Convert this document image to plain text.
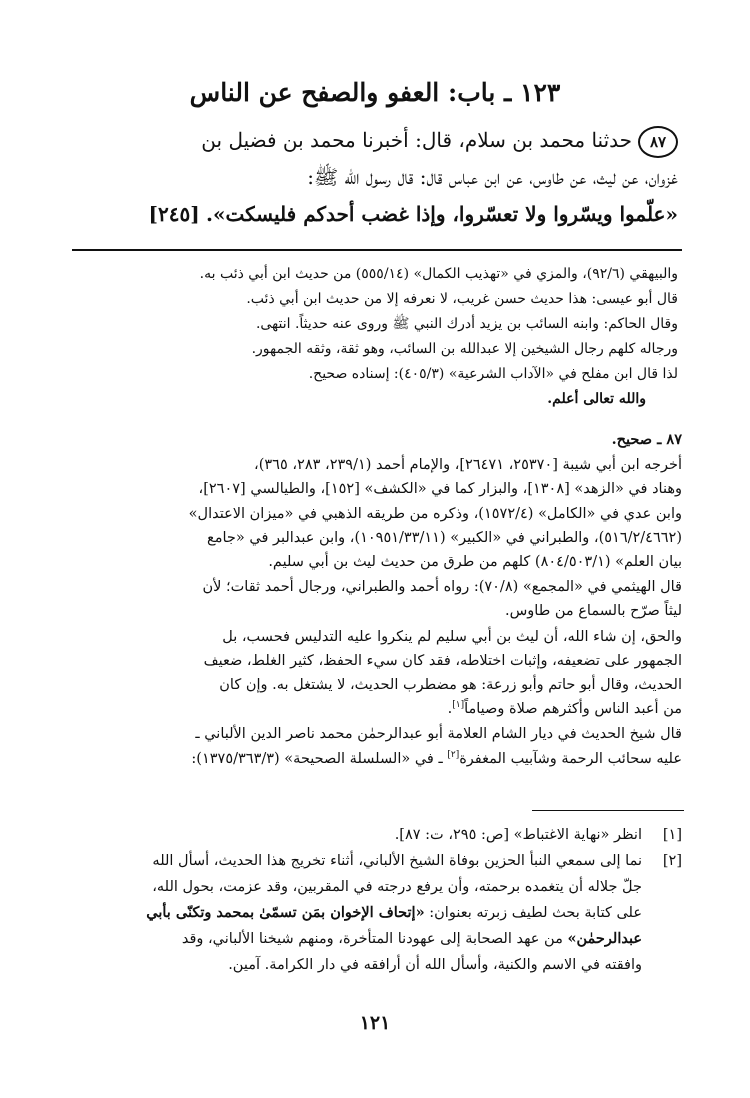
١٢٣ ـ باب: العفو والصفح عن الناس
٨٧حدثنا محمد بن سلام، قال: أخبرنا محمد بن فضيل بن
غزوان، عن ليث، عن طاوس، عن ابن عباس قال: قال رسول الله ﷺ:
«علّموا ويسّروا ولا تعسّروا، وإذا غضب أحدكم فليسكت». [٢٤٥]
والبيهقي (٩٢/٦)، والمزي في «تهذيب الكمال» (٥٥٥/١٤) من حديث ابن أبي ذئب به.
قال أبو عيسى: هذا حديث حسن غريب، لا نعرفه إلا من حديث ابن أبي ذئب.
وقال الحاكم: وابنه السائب بن يزيد أدرك النبي ﷺ وروى عنه حديثاً. انتهى.
ورجاله كلهم رجال الشيخين إلا عبدالله بن السائب، وهو ثقة، وثقه الجمهور.
لذا قال ابن مفلح في «الآداب الشرعية» (٤٠٥/٣): إسناده صحيح.
والله تعالى أعلم.
٨٧ ـ صحيح.
أخرجه ابن أبي شيبة [٢٥٣٧٠، ٢٦٤٧١]، والإمام أحمد (٢٣٩/١، ٢٨٣، ٣٦٥)،
وهناد في «الزهد» [١٣٠٨]، والبزار كما في «الكشف» [١٥٢]، والطيالسي [٢٦٠٧]،
وابن عدي في «الكامل» (١٥٧٢/٤)، وذكره من طريقه الذهبي في «ميزان الاعتدال»
(٥١٦/٢/٤٦٦٢)، والطبراني في «الكبير» (١٠٩٥١/٣٣/١١)، وابن عبدالبر في «جامع
بيان العلم» (٨٠٤/٥٠٣/١) كلهم من طرق من حديث ليث بن أبي سليم.
قال الهيثمي في «المجمع» (٧٠/٨): رواه أحمد والطبراني، ورجال أحمد ثقات؛ لأن
ليثاً صرّح بالسماع من طاوس.
والحق، إن شاء الله، أن ليث بن أبي سليم لم ينكروا عليه التدليس فحسب، بل
الجمهور على تضعيفه، وإثبات اختلاطه، فقد كان سيء الحفظ، كثير الغلط، ضعيف
الحديث، وقال أبو حاتم وأبو زرعة: هو مضطرب الحديث، لا يشتغل به. وإن كان
من أعبد الناس وأكثرهم صلاة وصياماً[١].
قال شيخ الحديث في ديار الشام العلامة أبو عبدالرحمٰن محمد ناصر الدين الألباني ـ
عليه سحائب الرحمة وشآبيب المغفرة[٢] ـ في «السلسلة الصحيحة» (١٣٧٥/٣٦٣/٣):
[١]
انظر «نهاية الاغتباط» [ص: ٢٩٥، ت: ٨٧].
[٢]
نما إلى سمعي النبأ الحزين بوفاة الشيخ الألباني، أثناء تخريج هذا الحديث، أسأل الله
جلّ جلاله أن يتغمده برحمته، وأن يرفع درجته في المقربين، وقد عزمت، بحول الله،
على كتابة بحث لطيف زبرته بعنوان: «إتحاف الإخوان بمَن تسمّىٰ بمحمد وتكنّى بأبي
عبدالرحمٰن» من عهد الصحابة إلى عهودنا المتأخرة، ومنهم شيخنا الألباني، وقد
وافقته في الاسم والكنية، وأسأل الله أن أرافقه في دار الكرامة. آمين.
١٢١
